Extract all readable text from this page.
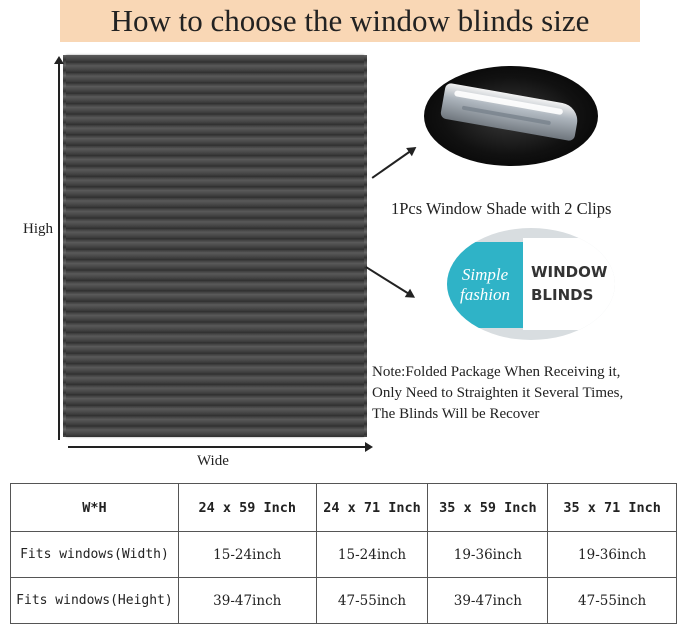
How to choose the window blinds size
High
Wide
1Pcs Window Shade with 2 Clips
Simple
fashion
WINDOW
BLINDS
Note:Folded Package When Receiving it,
Only Need to Straighten it Several Times,
The Blinds Will be Recover
W*H	24 x 59 Inch	24 x 71 Inch	35 x 59 Inch	35 x 71 Inch
Fits windows(Width)	15-24inch	15-24inch	19-36inch	19-36inch
Fits windows(Height)	39-47inch	47-55inch	39-47inch	47-55inch
